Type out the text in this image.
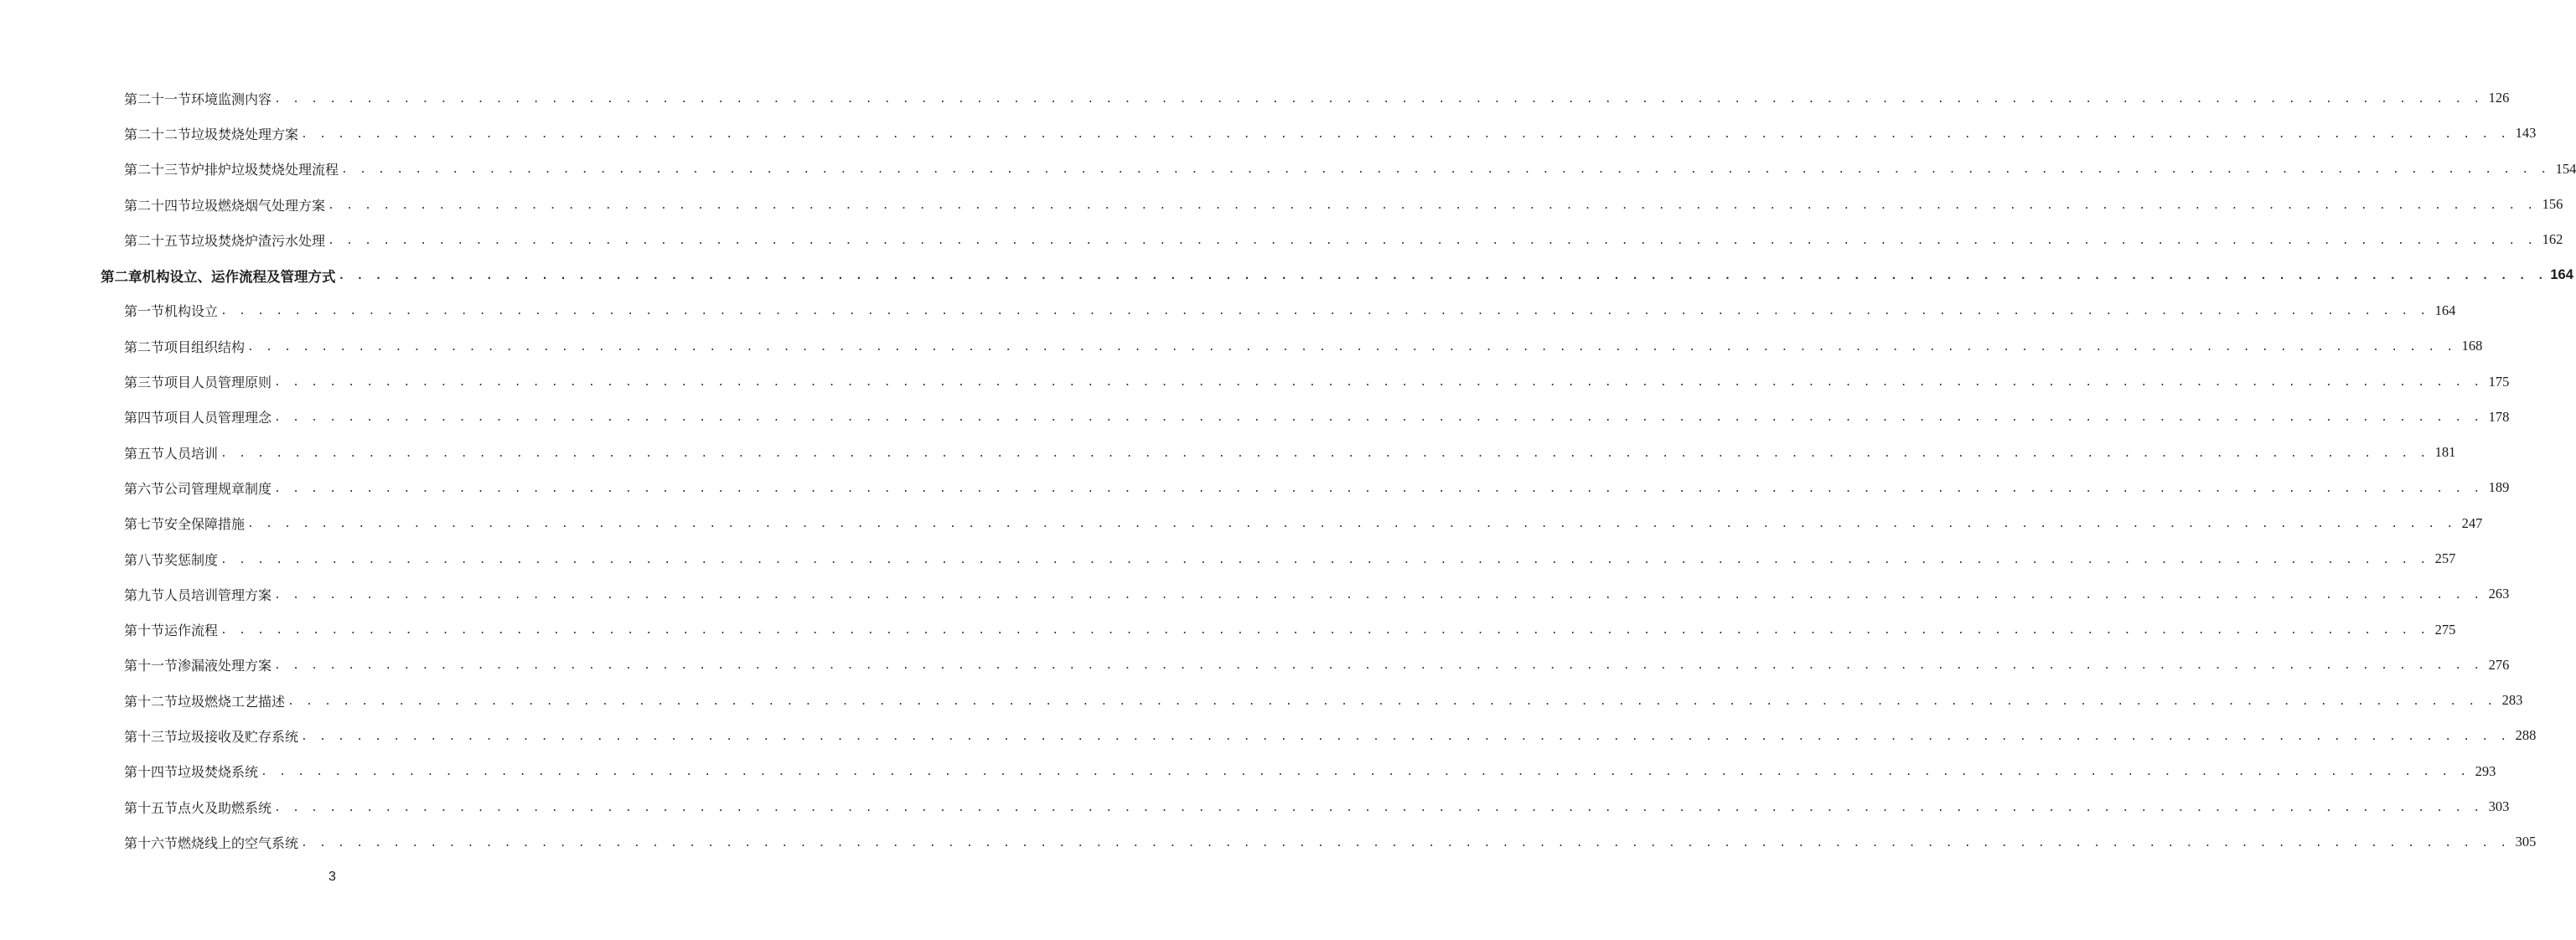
第二十一节 环境监测内容 . . . . . . . . . . . . . . . . . . . . . . . . . . . . . . . . . . . . . . . . . . . . . . . . . . . . . . . . . . . . . . . . . . . . . . . . . . . . . . . . . . . . . . . . . . . . . . . . . . . . . . . . . . . . . . . . . . . . . . . . 126
第二十二节 垃圾焚烧处理方案 . . . . . . . . . . . . . . . . . . . . . . . . . . . . . . . . . . . . . . . . . . . . . . . . . . . . . . . . . . . . . . . . . . . . . . . . . . . . . . . . . . . . . . . . . . . . . . . . . . . . . . . . . . . . . . . . . . . . . . . . 143
第二十三节 炉排炉垃圾焚烧处理流程 . . . . . . . . . . . . . . . . . . . . . . . . . . . . . . . . . . . . . . . . . . . . . . . . . . . . . . . . . . . . . . . . . . . . . . . . . . . . . . . . . . . . . . . . . . . . . . . . . . . . . . . . . . . . . . . . . . . . . . . . 154
第二十四节 垃圾燃烧烟气处理方案 . . . . . . . . . . . . . . . . . . . . . . . . . . . . . . . . . . . . . . . . . . . . . . . . . . . . . . . . . . . . . . . . . . . . . . . . . . . . . . . . . . . . . . . . . . . . . . . . . . . . . . . . . . . . . . . . . . . . . . . . 156
第二十五节 垃圾焚烧炉渣污水处理 . . . . . . . . . . . . . . . . . . . . . . . . . . . . . . . . . . . . . . . . . . . . . . . . . . . . . . . . . . . . . . . . . . . . . . . . . . . . . . . . . . . . . . . . . . . . . . . . . . . . . . . . . . . . . . . . . . . . . . . . 162
第二章 机构设立、运作流程及管理方式 . . . . . . . . . . . . . . . . . . . . . . . . . . . . . . . . . . . . . . . . . . . . . . . . . . . . . . . . . . . . . . . . . . . . . . . . . . . . . . . . . . . . . . . . . . . . . . . . . . . . . . . . . . . . . . . . . . . . . . . . 164
第一节 机构设立 . . . . . . . . . . . . . . . . . . . . . . . . . . . . . . . . . . . . . . . . . . . . . . . . . . . . . . . . . . . . . . . . . . . . . . . . . . . . . . . . . . . . . . . . . . . . . . . . . . . . . . . . . . . . . . . . . . . . . . . . 164
第二节 项目组织结构 . . . . . . . . . . . . . . . . . . . . . . . . . . . . . . . . . . . . . . . . . . . . . . . . . . . . . . . . . . . . . . . . . . . . . . . . . . . . . . . . . . . . . . . . . . . . . . . . . . . . . . . . . . . . . . . . . . . . . . . . 168
第三节 项目人员管理原则 . . . . . . . . . . . . . . . . . . . . . . . . . . . . . . . . . . . . . . . . . . . . . . . . . . . . . . . . . . . . . . . . . . . . . . . . . . . . . . . . . . . . . . . . . . . . . . . . . . . . . . . . . . . . . . . . . . . . . . . . 175
第四节 项目人员管理理念 . . . . . . . . . . . . . . . . . . . . . . . . . . . . . . . . . . . . . . . . . . . . . . . . . . . . . . . . . . . . . . . . . . . . . . . . . . . . . . . . . . . . . . . . . . . . . . . . . . . . . . . . . . . . . . . . . . . . . . . . 178
第五节 人员培训 . . . . . . . . . . . . . . . . . . . . . . . . . . . . . . . . . . . . . . . . . . . . . . . . . . . . . . . . . . . . . . . . . . . . . . . . . . . . . . . . . . . . . . . . . . . . . . . . . . . . . . . . . . . . . . . . . . . . . . . . 181
第六节 公司管理规章制度 . . . . . . . . . . . . . . . . . . . . . . . . . . . . . . . . . . . . . . . . . . . . . . . . . . . . . . . . . . . . . . . . . . . . . . . . . . . . . . . . . . . . . . . . . . . . . . . . . . . . . . . . . . . . . . . . . . . . . . . . 189
第七节 安全保障措施 . . . . . . . . . . . . . . . . . . . . . . . . . . . . . . . . . . . . . . . . . . . . . . . . . . . . . . . . . . . . . . . . . . . . . . . . . . . . . . . . . . . . . . . . . . . . . . . . . . . . . . . . . . . . . . . . . . . . . . . . 247
第八节 奖惩制度 . . . . . . . . . . . . . . . . . . . . . . . . . . . . . . . . . . . . . . . . . . . . . . . . . . . . . . . . . . . . . . . . . . . . . . . . . . . . . . . . . . . . . . . . . . . . . . . . . . . . . . . . . . . . . . . . . . . . . . . . 257
第九节 人员培训管理方案 . . . . . . . . . . . . . . . . . . . . . . . . . . . . . . . . . . . . . . . . . . . . . . . . . . . . . . . . . . . . . . . . . . . . . . . . . . . . . . . . . . . . . . . . . . . . . . . . . . . . . . . . . . . . . . . . . . . . . . . . 263
第十节 运作流程 . . . . . . . . . . . . . . . . . . . . . . . . . . . . . . . . . . . . . . . . . . . . . . . . . . . . . . . . . . . . . . . . . . . . . . . . . . . . . . . . . . . . . . . . . . . . . . . . . . . . . . . . . . . . . . . . . . . . . . . . 275
第十一节 渗漏液处理方案 . . . . . . . . . . . . . . . . . . . . . . . . . . . . . . . . . . . . . . . . . . . . . . . . . . . . . . . . . . . . . . . . . . . . . . . . . . . . . . . . . . . . . . . . . . . . . . . . . . . . . . . . . . . . . . . . . . . . . . . . 276
第十二节 垃圾燃烧工艺描述 . . . . . . . . . . . . . . . . . . . . . . . . . . . . . . . . . . . . . . . . . . . . . . . . . . . . . . . . . . . . . . . . . . . . . . . . . . . . . . . . . . . . . . . . . . . . . . . . . . . . . . . . . . . . . . . . . . . . . . . . 283
第十三节 垃圾接收及贮存系统 . . . . . . . . . . . . . . . . . . . . . . . . . . . . . . . . . . . . . . . . . . . . . . . . . . . . . . . . . . . . . . . . . . . . . . . . . . . . . . . . . . . . . . . . . . . . . . . . . . . . . . . . . . . . . . . . . . . . . . . . 288
第十四节 垃圾焚烧系统 . . . . . . . . . . . . . . . . . . . . . . . . . . . . . . . . . . . . . . . . . . . . . . . . . . . . . . . . . . . . . . . . . . . . . . . . . . . . . . . . . . . . . . . . . . . . . . . . . . . . . . . . . . . . . . . . . . . . . . . . 293
第十五节 点火及助燃系统 . . . . . . . . . . . . . . . . . . . . . . . . . . . . . . . . . . . . . . . . . . . . . . . . . . . . . . . . . . . . . . . . . . . . . . . . . . . . . . . . . . . . . . . . . . . . . . . . . . . . . . . . . . . . . . . . . . . . . . . . 303
第十六节 燃烧线上的空气系统 . . . . . . . . . . . . . . . . . . . . . . . . . . . . . . . . . . . . . . . . . . . . . . . . . . . . . . . . . . . . . . . . . . . . . . . . . . . . . . . . . . . . . . . . . . . . . . . . . . . . . . . . . . . . . . . . . . . . . . . . 305
3
